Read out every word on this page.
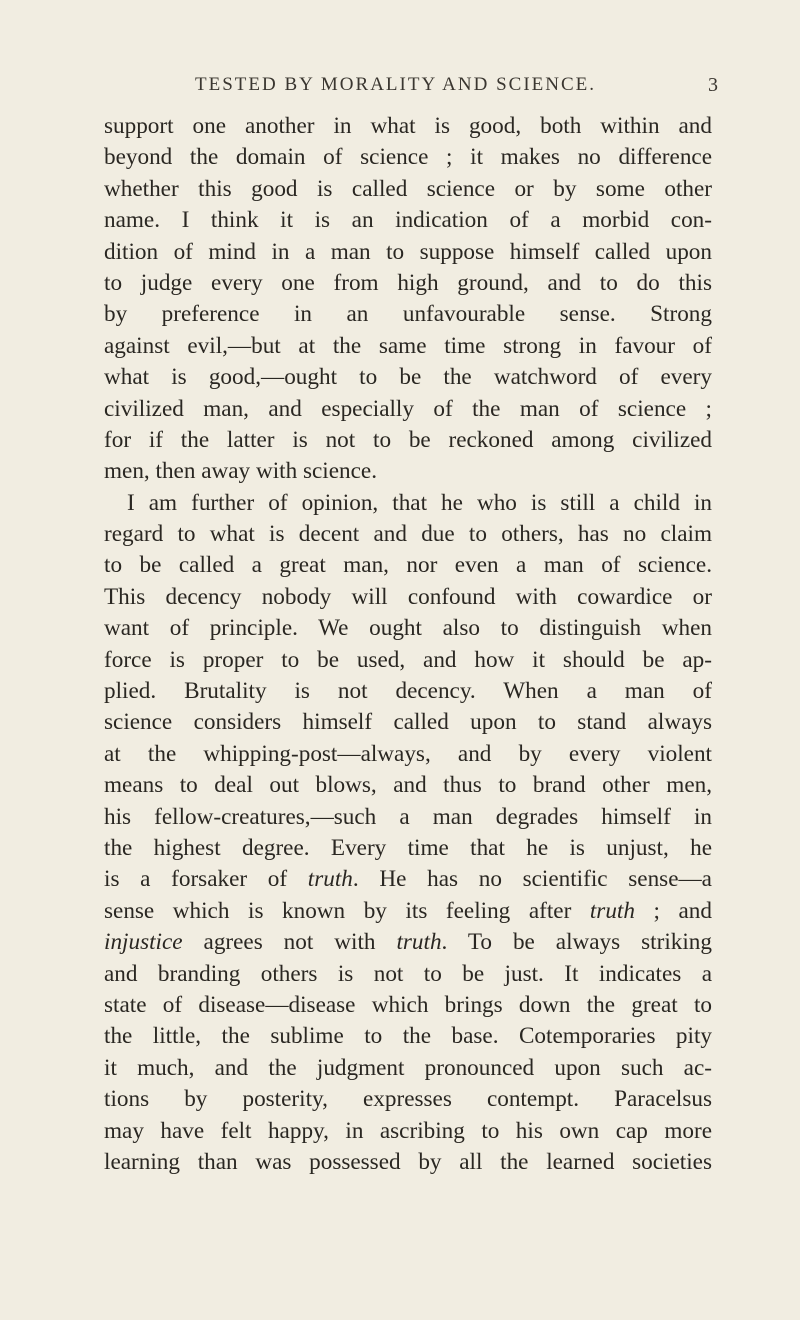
TESTED BY MORALITY AND SCIENCE.	3
support one another in what is good, both within and
beyond the domain of science ; it makes no difference
whether this good is called science or by some other
name. I think it is an indication of a morbid con-
dition of mind in a man to suppose himself called upon
to judge every one from high ground, and to do this
by preference in an unfavourable sense. Strong
against evil,—but at the same time strong in favour of
what is good,—ought to be the watchword of every
civilized man, and especially of the man of science ;
for if the latter is not to be reckoned among civilized
men, then away with science.
I am further of opinion, that he who is still a child in
regard to what is decent and due to others, has no claim
to be called a great man, nor even a man of science.
This decency nobody will confound with cowardice or
want of principle. We ought also to distinguish when
force is proper to be used, and how it should be ap-
plied. Brutality is not decency. When a man of
science considers himself called upon to stand always
at the whipping-post—always, and by every violent
means to deal out blows, and thus to brand other men,
his fellow-creatures,—such a man degrades himself in
the highest degree. Every time that he is unjust, he
is a forsaker of truth. He has no scientific sense—a
sense which is known by its feeling after truth ; and
injustice agrees not with truth. To be always striking
and branding others is not to be just. It indicates a
state of disease—disease which brings down the great to
the little, the sublime to the base. Cotemporaries pity
it much, and the judgment pronounced upon such ac-
tions by posterity, expresses contempt. Paracelsus
may have felt happy, in ascribing to his own cap more
learning than was possessed by all the learned societies
